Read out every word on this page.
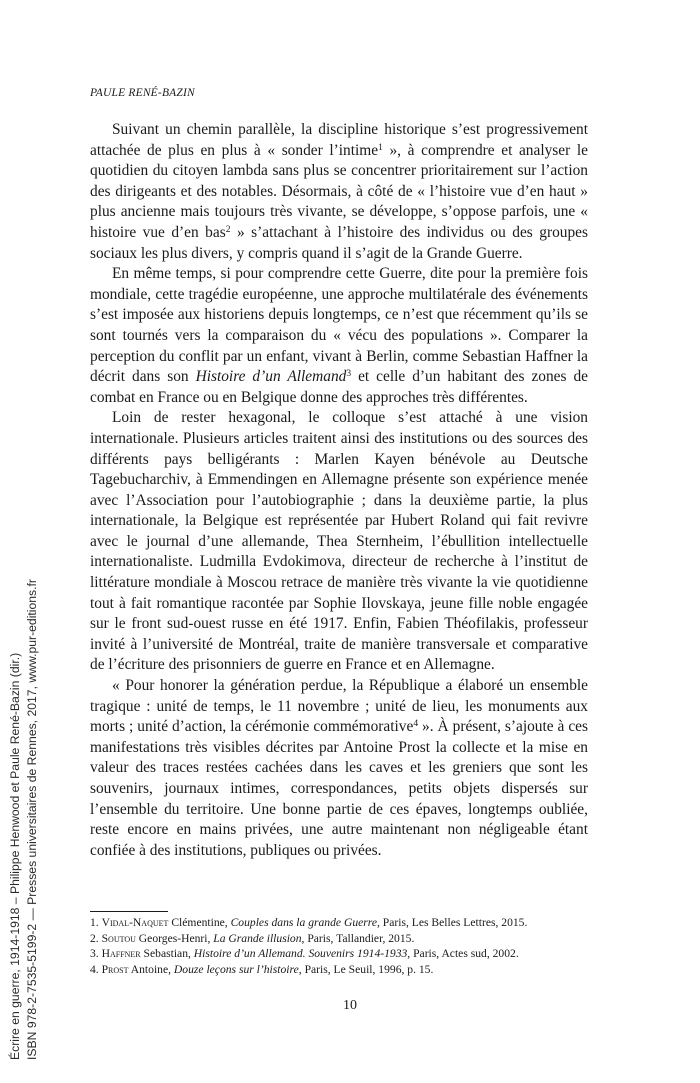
PAULE RENÉ-BAZIN

Suivant un chemin parallèle, la discipline historique s’est progressivement attachée de plus en plus à « sonder l’intime$^1$ », à comprendre et analyser le quotidien du citoyen lambda sans plus se concentrer prioritairement sur l’action des dirigeants et des notables. Désormais, à côté de « l’histoire vue d’en haut » plus ancienne mais toujours très vivante, se développe, s’oppose parfois, une « histoire vue d’en bas$^2$ » s’attachant à l’histoire des individus ou des groupes sociaux les plus divers, y compris quand il s’agit de la Grande Guerre.

En même temps, si pour comprendre cette Guerre, dite pour la première fois mondiale, cette tragédie européenne, une approche multilatérale des événements s’est imposée aux historiens depuis longtemps, ce n’est que récemment qu’ils se sont tournés vers la comparaison du « vécu des populations ». Comparer la perception du conflit par un enfant, vivant à Berlin, comme Sebastian Haffner la décrit dans son Histoire d’un Allemand$^3$ et celle d’un habitant des zones de combat en France ou en Belgique donne des approches très différentes.

Loin de rester hexagonal, le colloque s’est attaché à une vision internationale. Plusieurs articles traitent ainsi des institutions ou des sources des différents pays belligérants : Marlen Kayen bénévole au Deutsche Tagebucharchiv, à Emmendingen en Allemagne présente son expérience menée avec l’Association pour l’autobiographie ; dans la deuxième partie, la plus internationale, la Belgique est représentée par Hubert Roland qui fait revivre avec le journal d’une allemande, Thea Sternheim, l’ébullition intellectuelle internationaliste. Ludmilla Evdokimova, directeur de recherche à l’institut de littérature mondiale à Moscou retrace de manière très vivante la vie quotidienne tout à fait romantique racontée par Sophie Ilovskaya, jeune fille noble engagée sur le front sud-ouest russe en été 1917. Enfin, Fabien Théofilakis, professeur invité à l’université de Montréal, traite de manière transversale et comparative de l’écriture des prisonniers de guerre en France et en Allemagne.

« Pour honorer la génération perdue, la République a élaboré un ensemble tragique : unité de temps, le 11 novembre ; unité de lieu, les monuments aux morts ; unité d’action, la cérémonie commémorative$^4$ ». À présent, s’ajoute à ces manifestations très visibles décrites par Antoine Prost la collecte et la mise en valeur des traces restées cachées dans les caves et les greniers que sont les souvenirs, journaux intimes, correspondances, petits objets dispersés sur l’ensemble du territoire. Une bonne partie de ces épaves, longtemps oubliée, reste encore en mains privées, une autre maintenant non négligeable étant confiée à des institutions, publiques ou privées.

1. Vidal-Naquet Clémentine, Couples dans la grande Guerre, Paris, Les Belles Lettres, 2015.
2. Soutou Georges-Henri, La Grande illusion, Paris, Tallandier, 2015.
3. Haffner Sebastian, Histoire d’un Allemand. Souvenirs 1914-1933, Paris, Actes sud, 2002.
4. Prost Antoine, Douze leçons sur l’histoire, Paris, Le Seuil, 1996, p. 15.
10
Écrire en guerre, 1914-1918 – Philippe Henwood et Paule René-Bazin (dir.) ISBN 978-2-7535-5199-2 — Presses universitaires de Rennes, 2017, www.pur-editions.fr
